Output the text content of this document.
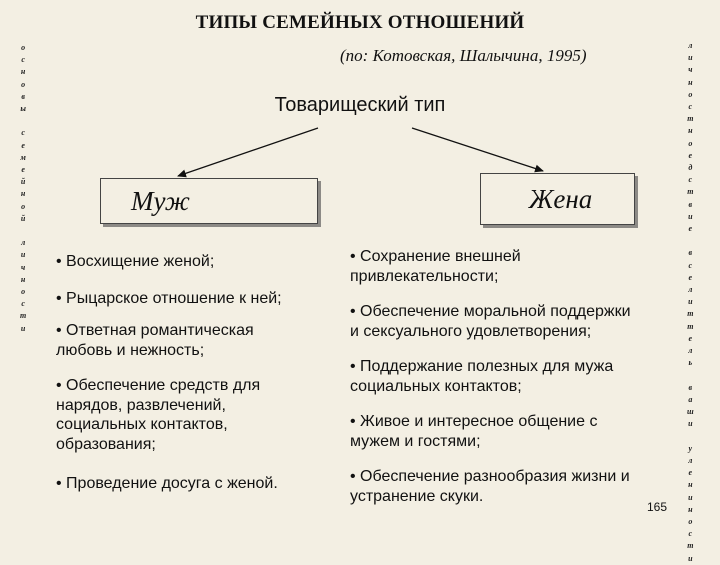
о
с
н
о
в
ы

с
е
м
е
й
н
о
й

л
и
ч
н
о
с
т
и
л
и
ч
н
о
с
т
н
о
е
д
с
т
в
и
е

в
с
е
л
и
т
т
е
л
ь

в
а
ш
и

у
л
е
н
и
н
о
с
т
и
ТИПЫ СЕМЕЙНЫХ ОТНОШЕНИЙ
(по: Котовская, Шалычина, 1995)
Товарищеский тип
Муж	Жена
• Восхищение женой;
• Рыцарское отношение к ней;
• Ответная романтическая
любовь и нежность;
• Обеспечение средств для
нарядов, развлечений,
социальных контактов,
образования;
• Проведение досуга с женой.
• Сохранение внешней
привлекательности;
• Обеспечение моральной поддержки
и сексуального удовлетворения;
• Поддержание полезных для мужа
социальных контактов;
• Живое и интересное общение с
мужем и гостями;
• Обеспечение разнообразия жизни и
устранение скуки.
165
